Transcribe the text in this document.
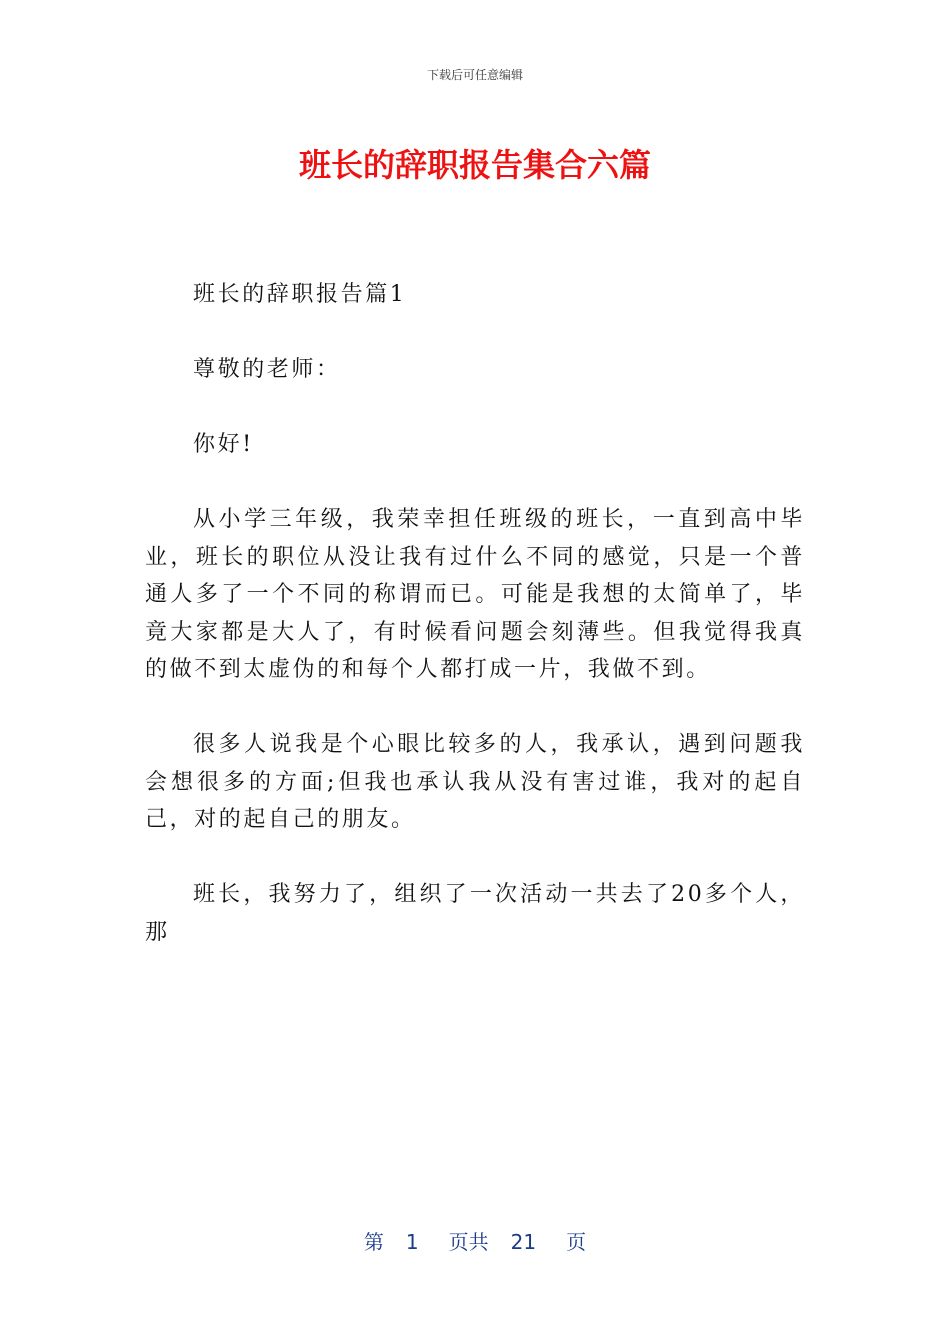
下载后可任意编辑
班长的辞职报告集合六篇

班长的辞职报告篇1

尊敬的老师：

你好!

从小学三年级，我荣幸担任班级的班长，一直到高中毕业，班长的职位从没让我有过什么不同的感觉，只是一个普通人多了一个不同的称谓而已。可能是我想的太简单了，毕竟大家都是大人了，有时候看问题会刻薄些。但我觉得我真的做不到太虚伪的和每个人都打成一片，我做不到。

很多人说我是个心眼比较多的人，我承认，遇到问题我会想很多的方面;但我也承认我从没有害过谁，我对的起自己，对的起自己的朋友。

班长，我努力了，组织了一次活动一共去了20多个人，那

第 1 页共 21 页
